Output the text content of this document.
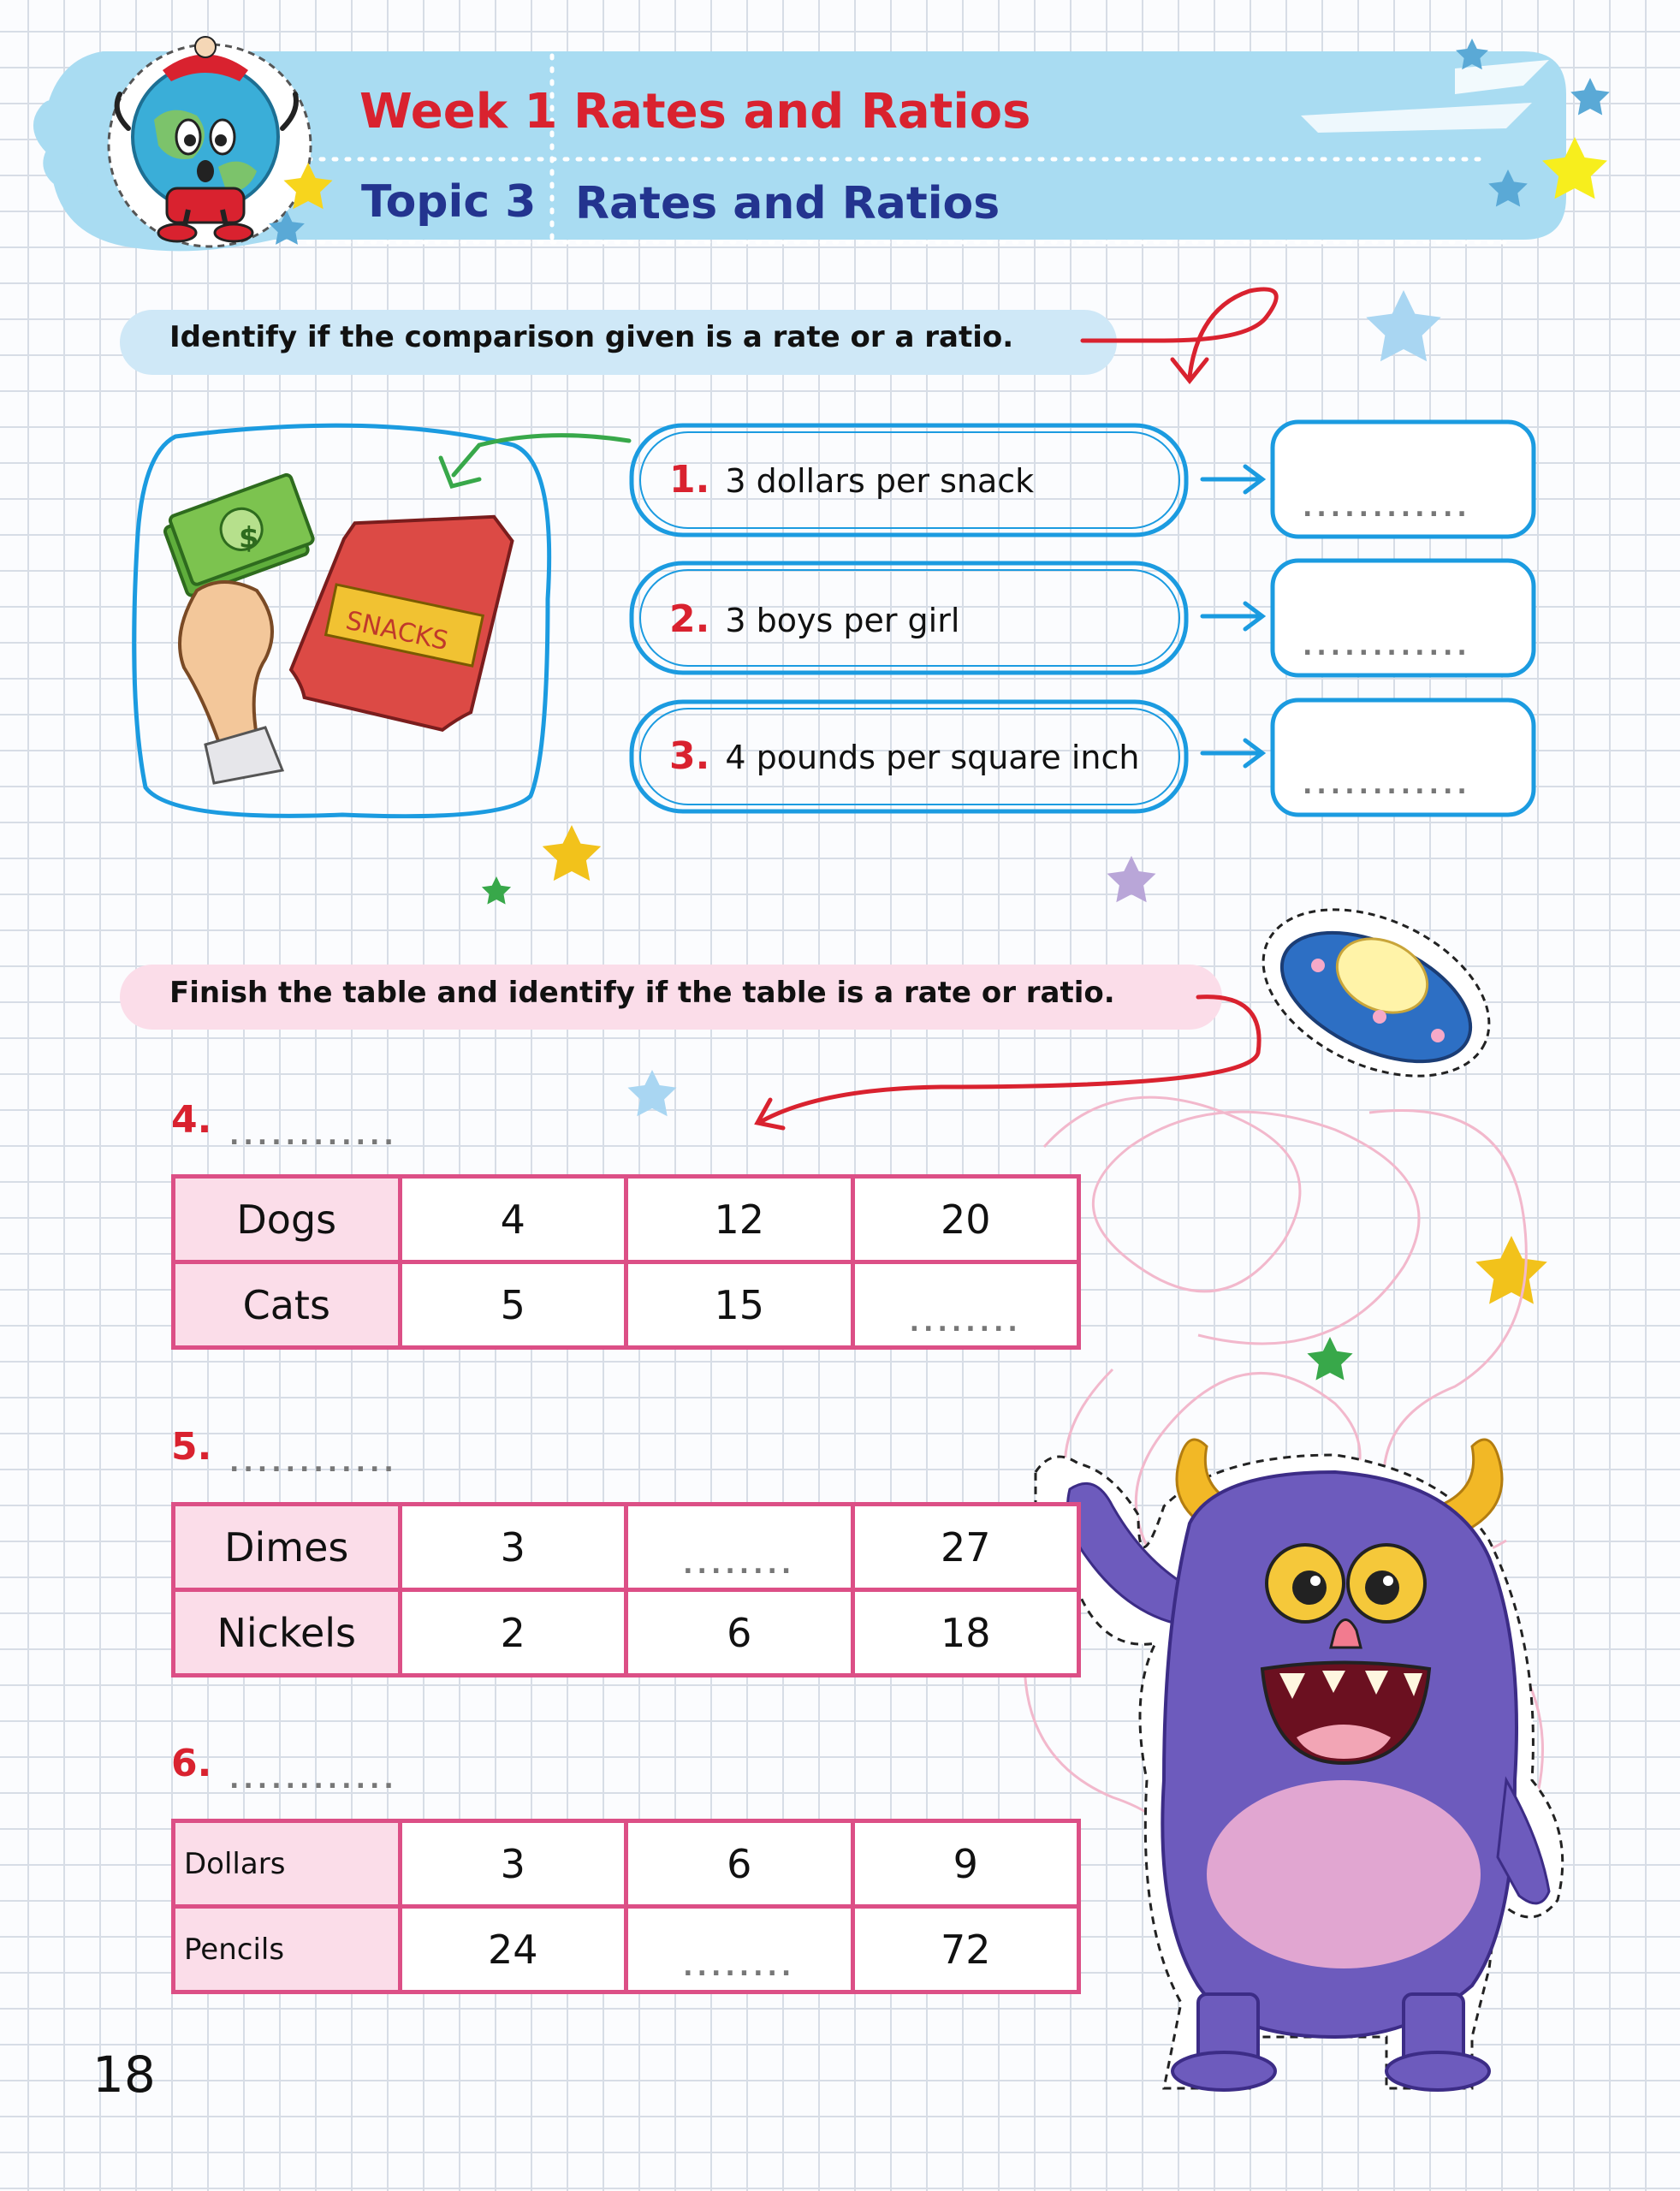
$
SNACKS
Week 1 Rates and Ratios
Topic 3 Rates and Ratios
Identify if the comparison given is a rate or a ratio.
1. 3 dollars per snack
2. 3 boys per girl
3. 4 pounds per square inch
............
............
............
Finish the table and identify if the table is a rate or ratio.
4. ............
Dogs	4	12	20
Cats	5	15	$_{........}$
5. ............
Dimes	3	$_{........}$	27
Nickels	2	6	18
6. ............
Dollars	3	6	9
Pencils	24	$_{........}$	72
18
